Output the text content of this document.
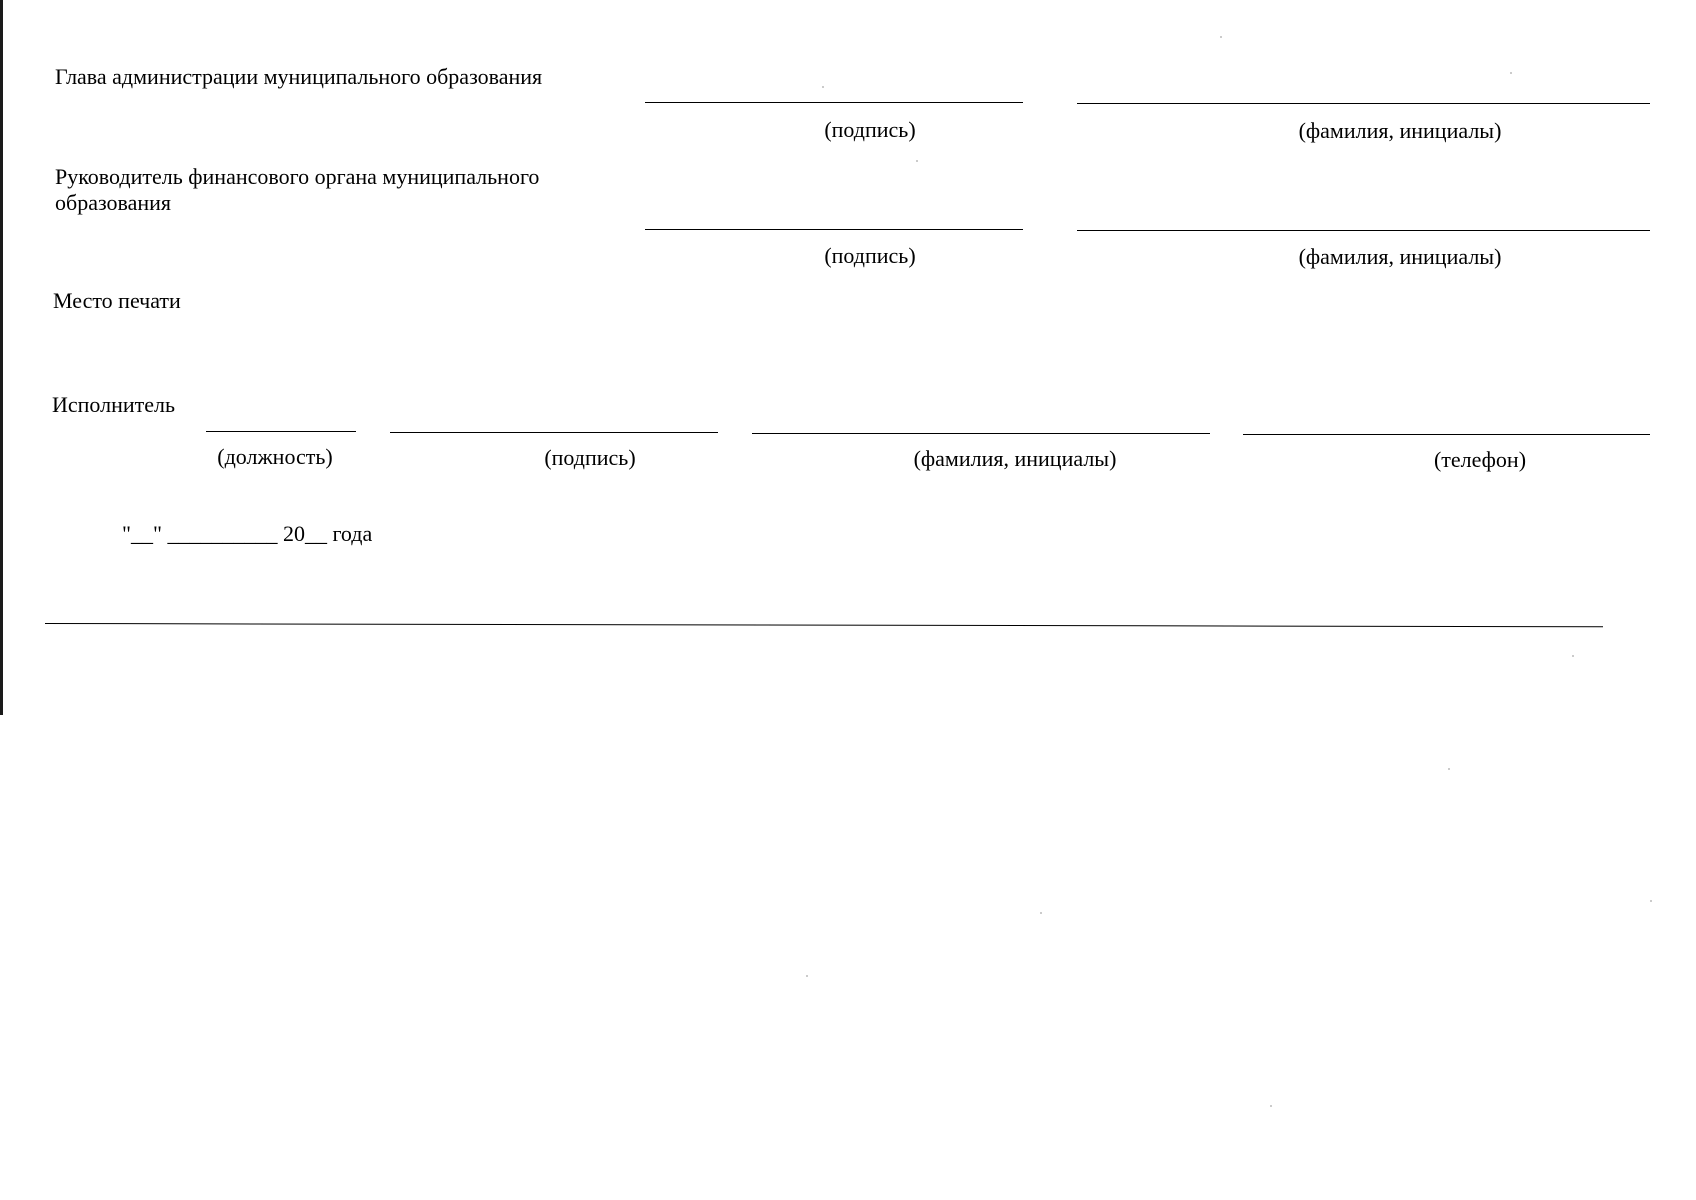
Глава администрации муниципального образования
(подпись)	(фамилия, инициалы)
Руководитель финансового органа муниципального образования
(подпись)	(фамилия, инициалы)
Место печати
Исполнитель
(должность)	(подпись)	(фамилия, инициалы)	(телефон)
"__" __________ 20__ года
